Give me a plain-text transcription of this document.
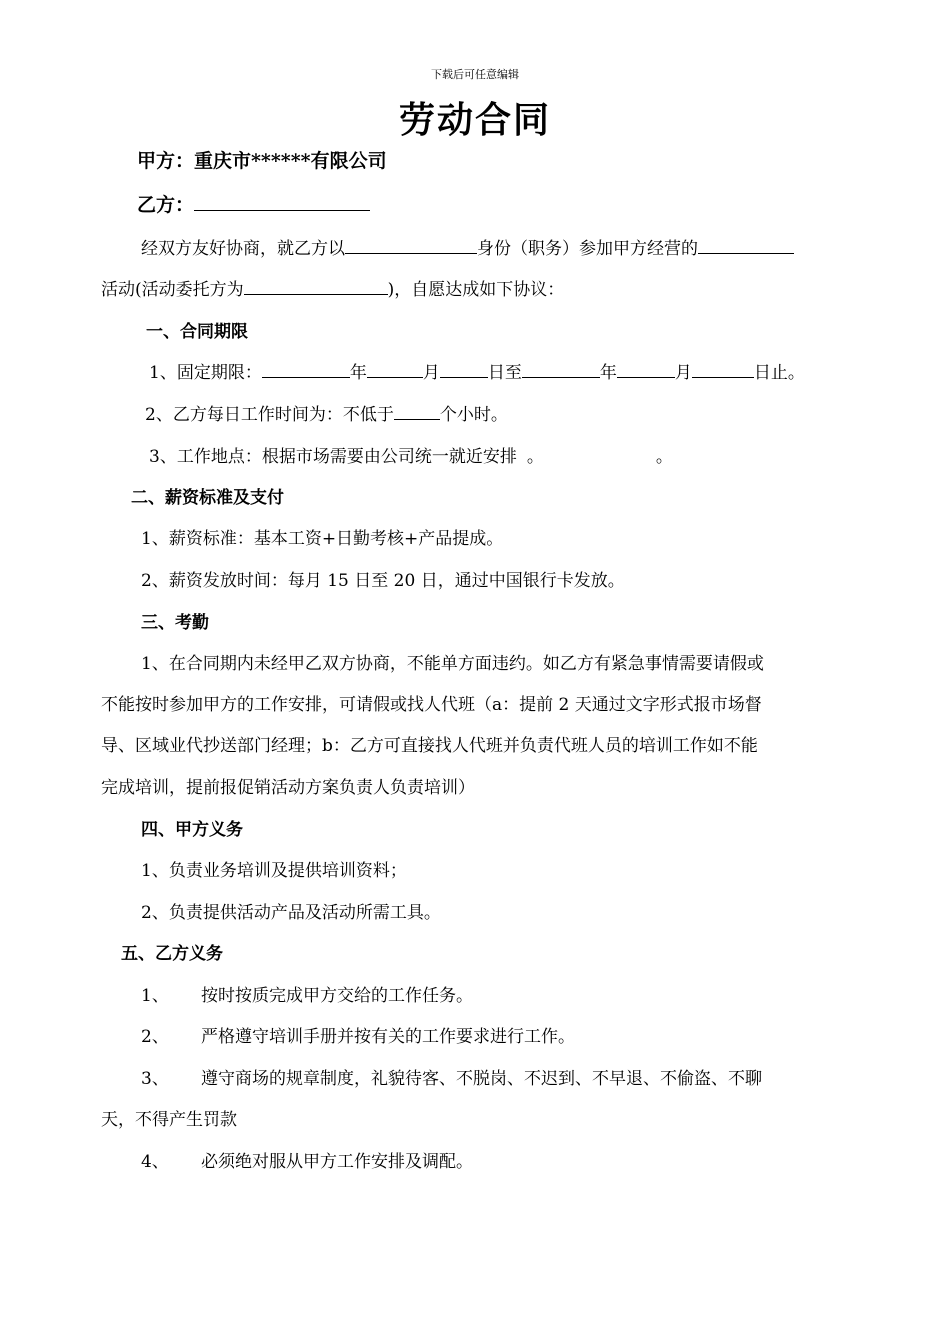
下载后可任意编辑
劳动合同
甲方：重庆市******有限公司
乙方：
经双方友好协商，就乙方以	身份（职务）参加甲方经营的
活动(活动委托方为	)，自愿达成如下协议：
一、合同期限
1、固定期限：	年	月	日至	年	月	日止。
2、乙方每日工作时间为：不低于	个小时。
3、工作地点：根据市场需要由公司统一就近安排 。	。
二、薪资标准及支付
1、薪资标准：基本工资+日勤考核+产品提成。
2、薪资发放时间：每月 15 日至 20 日，通过中国银行卡发放。
三、考勤
1、在合同期内未经甲乙双方协商，不能单方面违约。如乙方有紧急事情需要请假或
不能按时参加甲方的工作安排，可请假或找人代班（a：提前 2 天通过文字形式报市场督
导、区域业代抄送部门经理；b：乙方可直接找人代班并负责代班人员的培训工作如不能
完成培训，提前报促销活动方案负责人负责培训）
四、甲方义务
1、负责业务培训及提供培训资料；
2、负责提供活动产品及活动所需工具。
五、乙方义务
1、 按时按质完成甲方交给的工作任务。
2、 严格遵守培训手册并按有关的工作要求进行工作。
3、 遵守商场的规章制度，礼貌待客、不脱岗、不迟到、不早退、不偷盗、不聊
天，不得产生罚款
4、 必须绝对服从甲方工作安排及调配。
